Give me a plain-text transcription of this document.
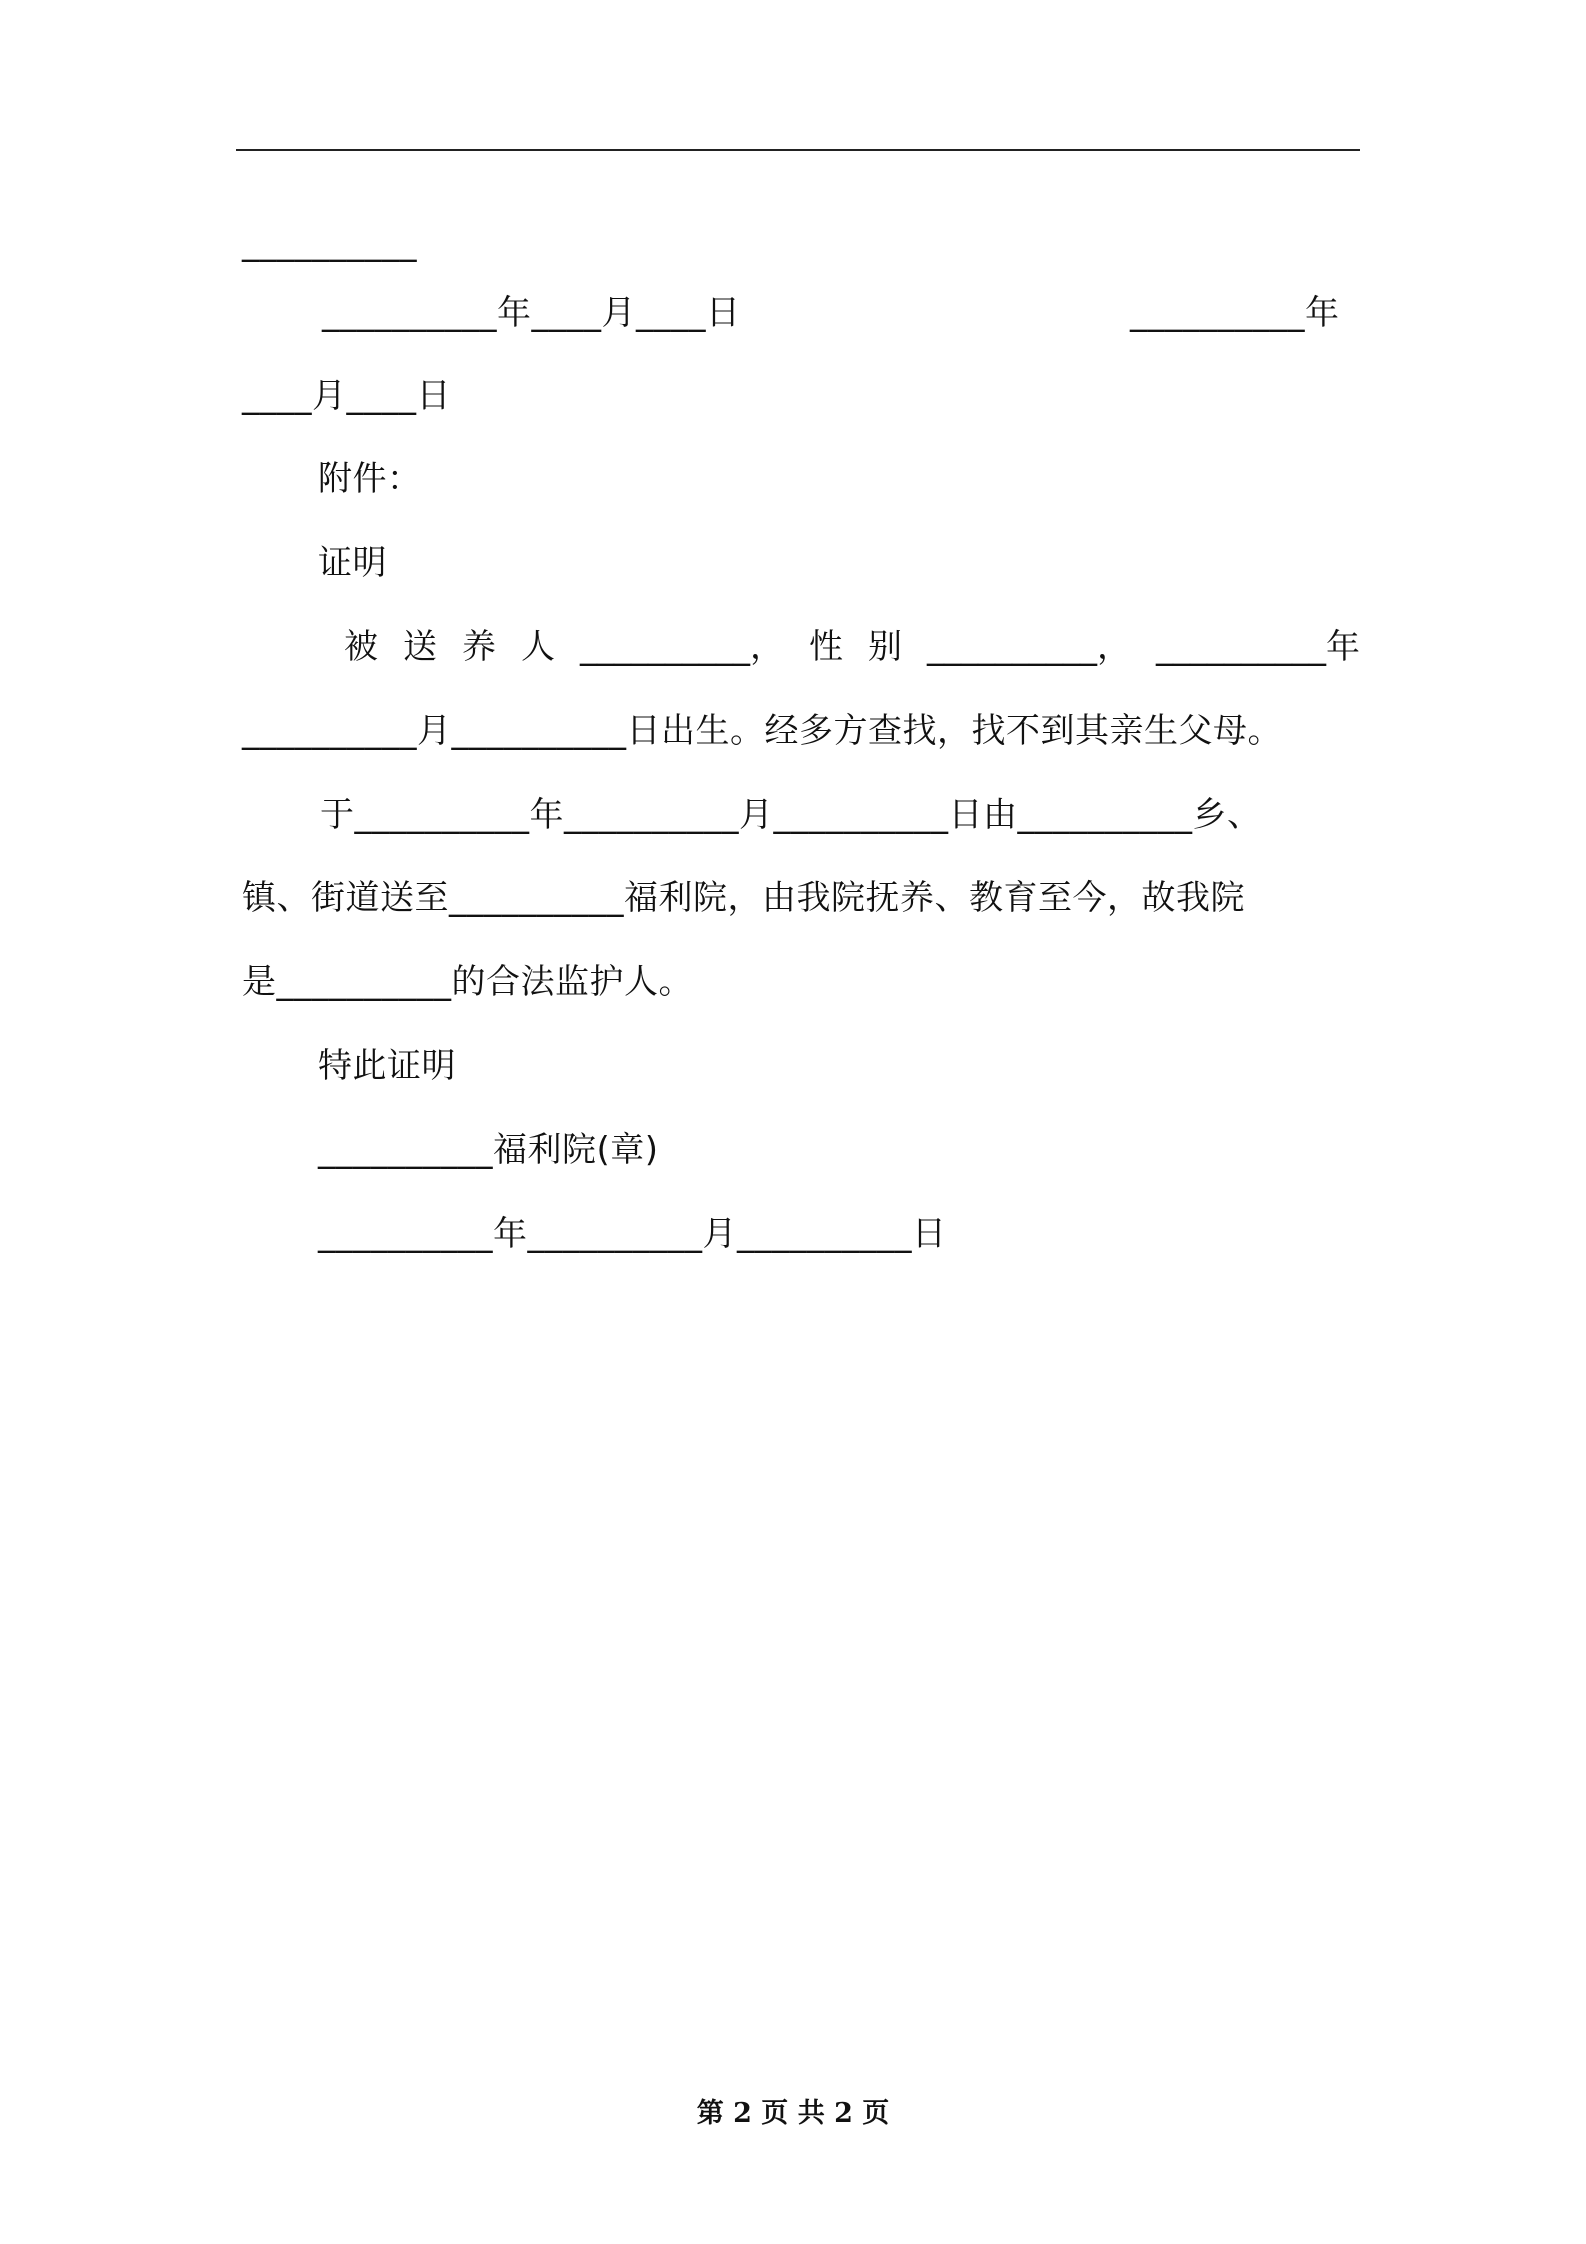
__________
__________年____月____日	__________年
____月____日
附件：
证明
被 送 养 人 __________， 性 别 __________， __________年
__________月__________日出生。经多方查找，找不到其亲生父母。
于__________年__________月__________日由__________乡、
镇、街道送至__________福利院，由我院抚养、教育至今，故我院
是__________的合法监护人。
特此证明
__________福利院(章)
__________年__________月__________日
第 2 页 共 2 页
